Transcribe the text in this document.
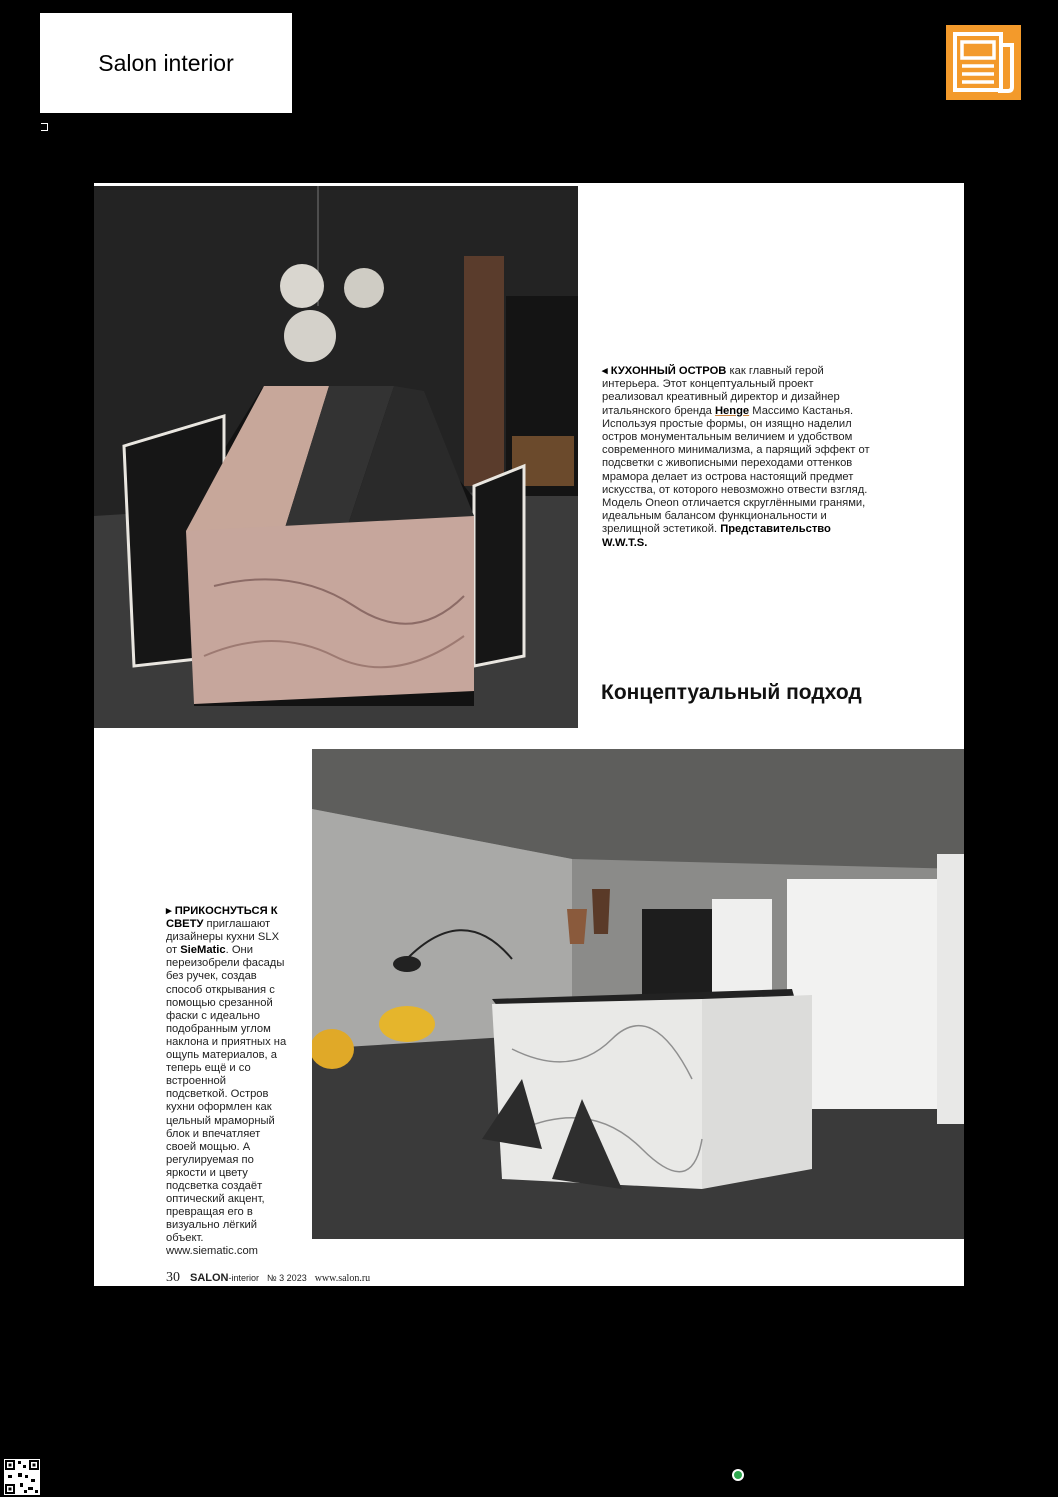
Salon interior
◂ КУХОННЫЙ ОСТРОВ как главный герой интерьера. Этот концептуальный проект реализовал креативный директор и дизайнер итальянского бренда Henge Массимо Кастанья. Используя простые формы, он изящно наделил остров монументальным величием и удобством современного минимализма, а парящий эффект от подсветки с живописными переходами оттенков мрамора делает из острова настоящий предмет искусства, от которого невозможно отвести взгляд. Модель Oneon отличается скруглёнными гранями, идеальным балансом функциональности и зрелищной эстетикой. Представительство W.W.T.S.
Концептуальный подход
▸ ПРИКОСНУТЬСЯ К СВЕТУ приглашают дизайнеры кухни SLX от SieMatic. Они переизобрели фасады без ручек, создав способ открывания с помощью срезанной фаски с идеально подобранным углом наклона и приятных на ощупь материалов, а теперь ещё и со встроенной подсветкой. Остров кухни оформлен как цельный мраморный блок и впечатляет своей мощью. А регулируемая по яркости и цвету подсветка создаёт оптический акцент, превращая его в визуально лёгкий объект. www.siematic.com
30 SALON-interior № 3 2023 www.salon.ru
